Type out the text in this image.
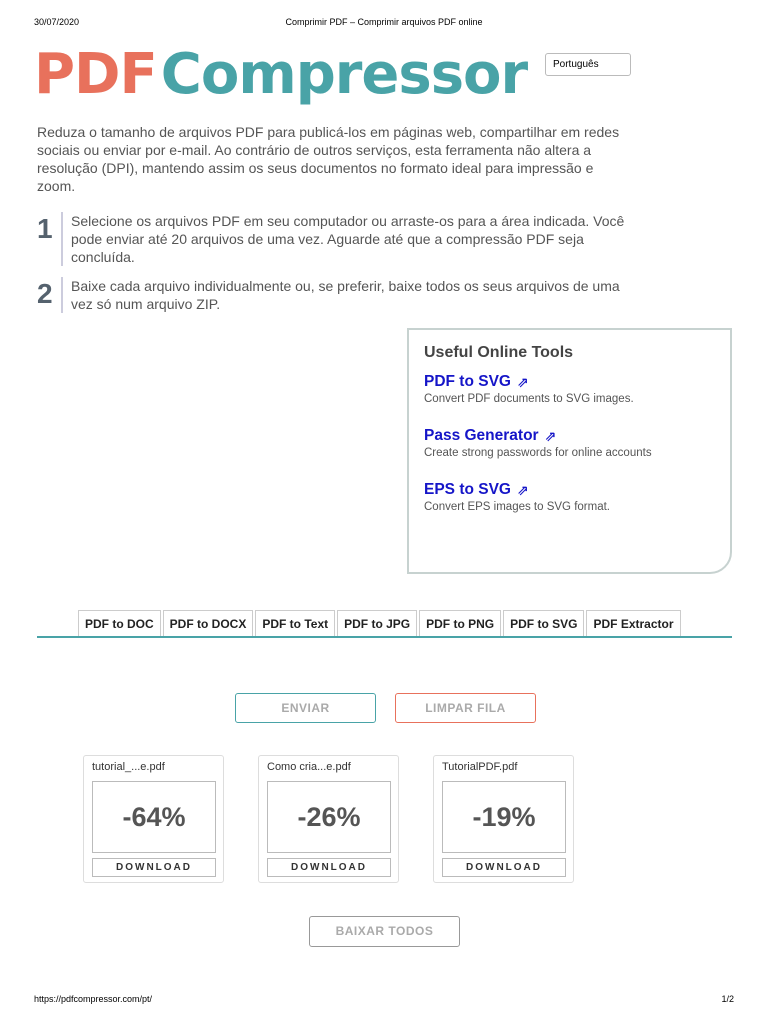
30/07/2020	Comprimir PDF – Comprimir arquivos PDF online
https://pdfcompressor.com/pt/	1/2
PDFCompressor	Português
Reduza o tamanho de arquivos PDF para publicá-los em páginas web, compartilhar em redes sociais ou enviar por e-mail. Ao contrário de outros serviços, esta ferramenta não altera a resolução (DPI), mantendo assim os seus documentos no formato ideal para impressão e zoom.
1	Selecione os arquivos PDF em seu computador ou arraste-os para a área indicada. Você pode enviar até 20 arquivos de uma vez. Aguarde até que a compressão PDF seja concluída.
2	Baixe cada arquivo individualmente ou, se preferir, baixe todos os seus arquivos de uma vez só num arquivo ZIP.
Useful Online Tools
PDF to SVG ⇗
Convert PDF documents to SVG images.
Pass Generator ⇗
Create strong passwords for online accounts
EPS to SVG ⇗
Convert EPS images to SVG format.
PDF to DOC	PDF to DOCX	PDF to Text	PDF to JPG	PDF to PNG	PDF to SVG	PDF Extractor
ENVIAR	LIMPAR FILA
tutorial_...e.pdf
-64%
DOWNLOAD
Como cria...e.pdf
-26%
DOWNLOAD
TutorialPDF.pdf
-19%
DOWNLOAD
BAIXAR TODOS
